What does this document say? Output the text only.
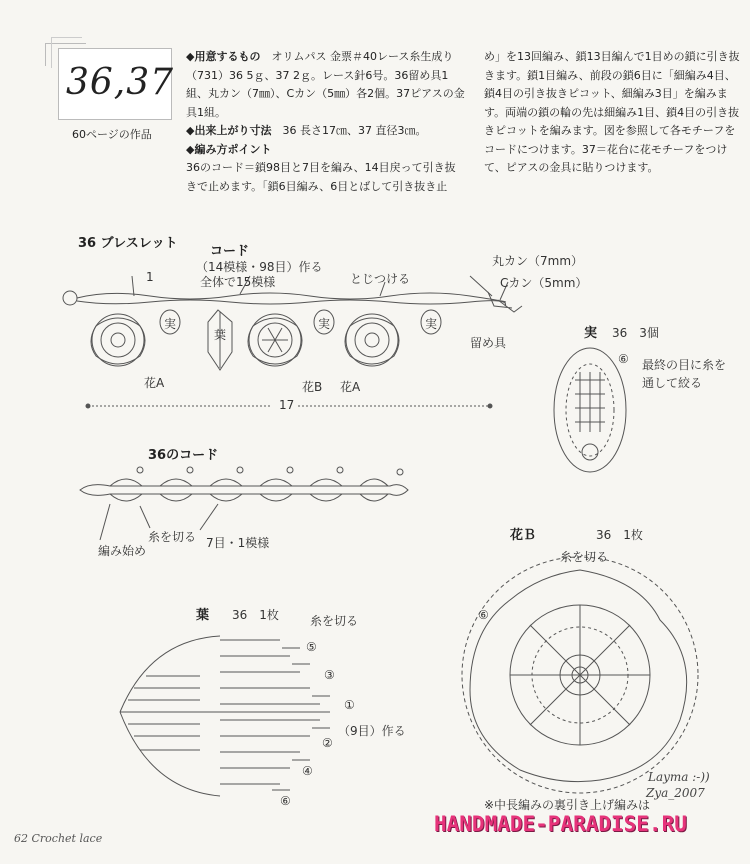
36,37
60ページの作品

◆用意するもの　 オリムパス 金票＃40レース糸生成り（731）36 5ｇ、37 2ｇ。レース針6号。36留め具1組、丸カン（7㎜）、Cカン（5㎜）各2個。37ピアスの金具1組。

◆出来上がり寸法　 36 長さ17㎝、37 直径3㎝。

◆編み方ポイント

36のコード＝鎖98目と7目を編み、14目戻って引き抜きで止めます。「鎖6目編み、6目とばして引き抜き止

め」を13回編み、鎖13目編んで1目めの鎖に引き抜きます。鎖1目編み、前段の鎖6目に「細編み4目、鎖4目の引き抜きピコット、細編み3目」を編みます。両端の鎖の輪の先は細編み1目、鎖4目の引き抜きピコットを編みます。図を参照して各モチーフをコードにつけます。37＝花台に花モチーフをつけて、ピアスの金具に貼りつけます。
36 ブレスレット
コード
（14模様・98目）作る
全体で15模様	とじつける
丸カン（7mm）
Cカン（5mm）
留め具
1
花A	花B 花A
葉
実	実	実
17
実 36　3個
⑥ 最終の目に糸を
通して絞る
36のコード
編み始め
糸を切る 7目・1模様
葉 36　1枚	糸を切る
⑤
③
①
（9目）作る
②
④
⑥
花Ｂ	36　1枚
糸を切る
⑥
※中長編みの裏引き上げ編みは
Layma :-))
Zya_2007
62 Crochet lace
HANDMADE-PARADISE.RU
